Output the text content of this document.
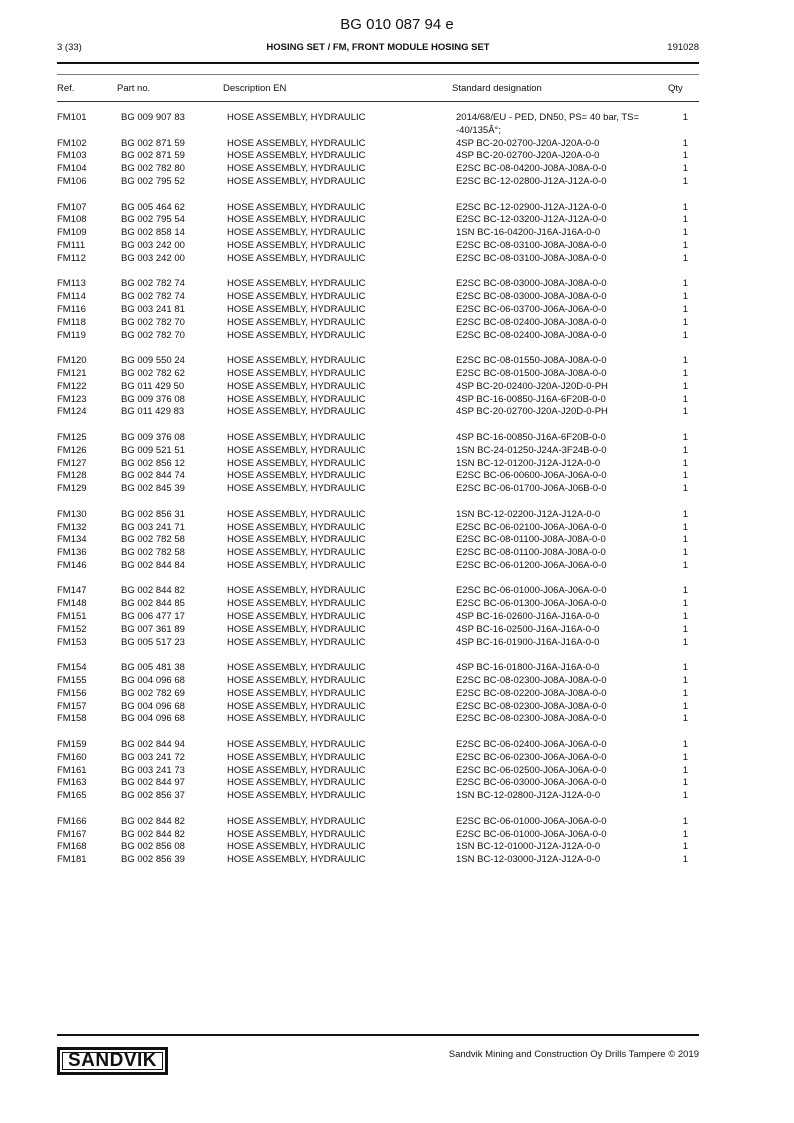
BG 010 087 94 e
3 (33)	HOSING SET / FM, FRONT MODULE HOSING SET	191028
Ref.	Part no.	Description EN	Standard designation	Qty
FM101	BG 009 907 83	HOSE ASSEMBLY, HYDRAULIC	2014/68/EU - PED, DN50, PS= 40 bar, TS=	1
-40/135Â°;
FM102	BG 002 871 59	HOSE ASSEMBLY, HYDRAULIC	4SP BC-20-02700-J20A-J20A-0-0	1
FM103	BG 002 871 59	HOSE ASSEMBLY, HYDRAULIC	4SP BC-20-02700-J20A-J20A-0-0	1
FM104	BG 002 782 80	HOSE ASSEMBLY, HYDRAULIC	E2SC BC-08-04200-J08A-J08A-0-0	1
FM106	BG 002 795 52	HOSE ASSEMBLY, HYDRAULIC	E2SC BC-12-02800-J12A-J12A-0-0	1
FM107	BG 005 464 62	HOSE ASSEMBLY, HYDRAULIC	E2SC BC-12-02900-J12A-J12A-0-0	1
FM108	BG 002 795 54	HOSE ASSEMBLY, HYDRAULIC	E2SC BC-12-03200-J12A-J12A-0-0	1
FM109	BG 002 858 14	HOSE ASSEMBLY, HYDRAULIC	1SN BC-16-04200-J16A-J16A-0-0	1
FM111	BG 003 242 00	HOSE ASSEMBLY, HYDRAULIC	E2SC BC-08-03100-J08A-J08A-0-0	1
FM112	BG 003 242 00	HOSE ASSEMBLY, HYDRAULIC	E2SC BC-08-03100-J08A-J08A-0-0	1
FM113	BG 002 782 74	HOSE ASSEMBLY, HYDRAULIC	E2SC BC-08-03000-J08A-J08A-0-0	1
FM114	BG 002 782 74	HOSE ASSEMBLY, HYDRAULIC	E2SC BC-08-03000-J08A-J08A-0-0	1
FM116	BG 003 241 81	HOSE ASSEMBLY, HYDRAULIC	E2SC BC-06-03700-J06A-J06A-0-0	1
FM118	BG 002 782 70	HOSE ASSEMBLY, HYDRAULIC	E2SC BC-08-02400-J08A-J08A-0-0	1
FM119	BG 002 782 70	HOSE ASSEMBLY, HYDRAULIC	E2SC BC-08-02400-J08A-J08A-0-0	1
FM120	BG 009 550 24	HOSE ASSEMBLY, HYDRAULIC	E2SC BC-08-01550-J08A-J08A-0-0	1
FM121	BG 002 782 62	HOSE ASSEMBLY, HYDRAULIC	E2SC BC-08-01500-J08A-J08A-0-0	1
FM122	BG 011 429 50	HOSE ASSEMBLY, HYDRAULIC	4SP BC-20-02400-J20A-J20D-0-PH	1
FM123	BG 009 376 08	HOSE ASSEMBLY, HYDRAULIC	4SP BC-16-00850-J16A-6F20B-0-0	1
FM124	BG 011 429 83	HOSE ASSEMBLY, HYDRAULIC	4SP BC-20-02700-J20A-J20D-0-PH	1
FM125	BG 009 376 08	HOSE ASSEMBLY, HYDRAULIC	4SP BC-16-00850-J16A-6F20B-0-0	1
FM126	BG 009 521 51	HOSE ASSEMBLY, HYDRAULIC	1SN BC-24-01250-J24A-3F24B-0-0	1
FM127	BG 002 856 12	HOSE ASSEMBLY, HYDRAULIC	1SN BC-12-01200-J12A-J12A-0-0	1
FM128	BG 002 844 74	HOSE ASSEMBLY, HYDRAULIC	E2SC BC-06-00600-J06A-J06A-0-0	1
FM129	BG 002 845 39	HOSE ASSEMBLY, HYDRAULIC	E2SC BC-06-01700-J06A-J06B-0-0	1
FM130	BG 002 856 31	HOSE ASSEMBLY, HYDRAULIC	1SN BC-12-02200-J12A-J12A-0-0	1
FM132	BG 003 241 71	HOSE ASSEMBLY, HYDRAULIC	E2SC BC-06-02100-J06A-J06A-0-0	1
FM134	BG 002 782 58	HOSE ASSEMBLY, HYDRAULIC	E2SC BC-08-01100-J08A-J08A-0-0	1
FM136	BG 002 782 58	HOSE ASSEMBLY, HYDRAULIC	E2SC BC-08-01100-J08A-J08A-0-0	1
FM146	BG 002 844 84	HOSE ASSEMBLY, HYDRAULIC	E2SC BC-06-01200-J06A-J06A-0-0	1
FM147	BG 002 844 82	HOSE ASSEMBLY, HYDRAULIC	E2SC BC-06-01000-J06A-J06A-0-0	1
FM148	BG 002 844 85	HOSE ASSEMBLY, HYDRAULIC	E2SC BC-06-01300-J06A-J06A-0-0	1
FM151	BG 006 477 17	HOSE ASSEMBLY, HYDRAULIC	4SP BC-16-02600-J16A-J16A-0-0	1
FM152	BG 007 361 89	HOSE ASSEMBLY, HYDRAULIC	4SP BC-16-02500-J16A-J16A-0-0	1
FM153	BG 005 517 23	HOSE ASSEMBLY, HYDRAULIC	4SP BC-16-01900-J16A-J16A-0-0	1
FM154	BG 005 481 38	HOSE ASSEMBLY, HYDRAULIC	4SP BC-16-01800-J16A-J16A-0-0	1
FM155	BG 004 096 68	HOSE ASSEMBLY, HYDRAULIC	E2SC BC-08-02300-J08A-J08A-0-0	1
FM156	BG 002 782 69	HOSE ASSEMBLY, HYDRAULIC	E2SC BC-08-02200-J08A-J08A-0-0	1
FM157	BG 004 096 68	HOSE ASSEMBLY, HYDRAULIC	E2SC BC-08-02300-J08A-J08A-0-0	1
FM158	BG 004 096 68	HOSE ASSEMBLY, HYDRAULIC	E2SC BC-08-02300-J08A-J08A-0-0	1
FM159	BG 002 844 94	HOSE ASSEMBLY, HYDRAULIC	E2SC BC-06-02400-J06A-J06A-0-0	1
FM160	BG 003 241 72	HOSE ASSEMBLY, HYDRAULIC	E2SC BC-06-02300-J06A-J06A-0-0	1
FM161	BG 003 241 73	HOSE ASSEMBLY, HYDRAULIC	E2SC BC-06-02500-J06A-J06A-0-0	1
FM163	BG 002 844 97	HOSE ASSEMBLY, HYDRAULIC	E2SC BC-06-03000-J06A-J06A-0-0	1
FM165	BG 002 856 37	HOSE ASSEMBLY, HYDRAULIC	1SN BC-12-02800-J12A-J12A-0-0	1
FM166	BG 002 844 82	HOSE ASSEMBLY, HYDRAULIC	E2SC BC-06-01000-J06A-J06A-0-0	1
FM167	BG 002 844 82	HOSE ASSEMBLY, HYDRAULIC	E2SC BC-06-01000-J06A-J06A-0-0	1
FM168	BG 002 856 08	HOSE ASSEMBLY, HYDRAULIC	1SN BC-12-01000-J12A-J12A-0-0	1
FM181	BG 002 856 39	HOSE ASSEMBLY, HYDRAULIC	1SN BC-12-03000-J12A-J12A-0-0	1
SANDVIK	Sandvik Mining and Construction Oy Drills Tampere © 2019
